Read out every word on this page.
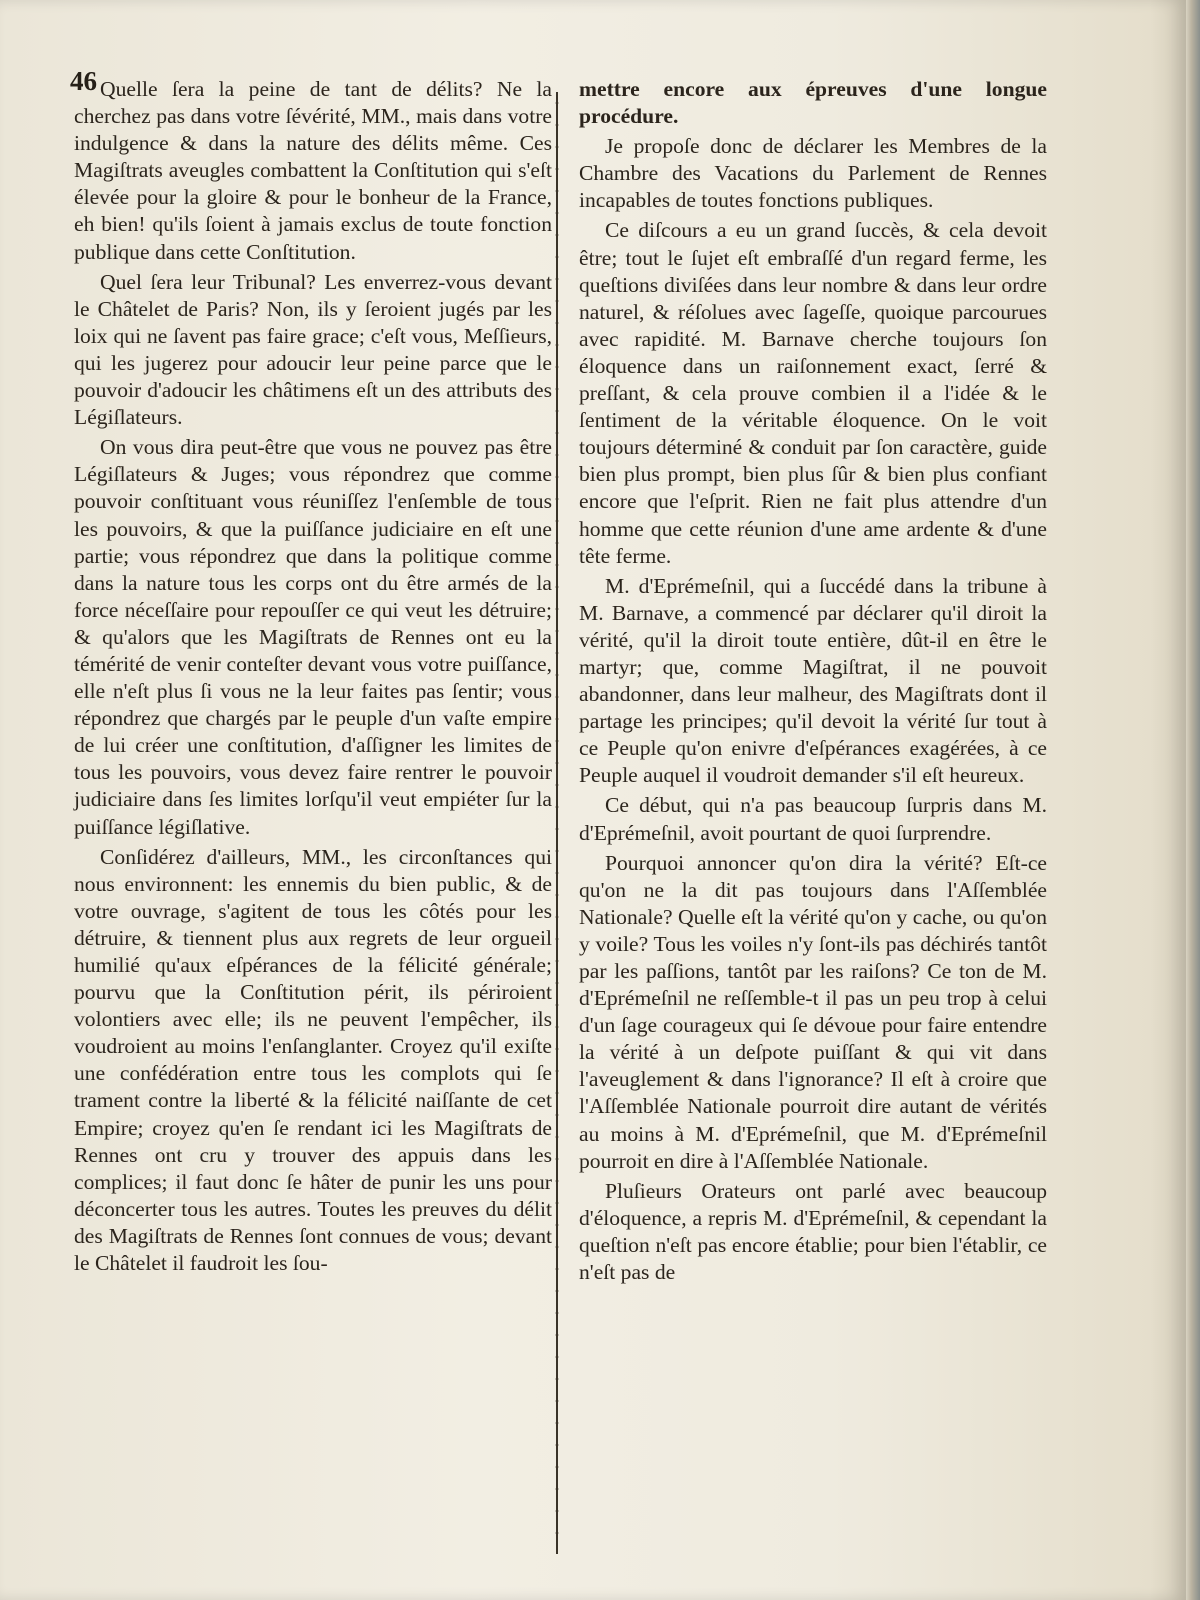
46 Quelle ſera la peine de tant de délits? Ne la cherchez pas dans votre ſévérité, MM., mais dans votre indulgence & dans la nature des délits même. Ces Magiſtrats aveugles combattent la Conſtitution qui s'eſt élevée pour la gloire & pour le bonheur de la France, eh bien! qu'ils ſoient à jamais exclus de toute fonction publique dans cette Conſtitution.

Quel ſera leur Tribunal? Les enverrez-vous devant le Châtelet de Paris? Non, ils y ſeroient jugés par les loix qui ne ſavent pas faire grace; c'eſt vous, Meſſieurs, qui les jugerez pour adoucir leur peine parce que le pouvoir d'adoucir les châtimens eſt un des attributs des Légiſlateurs.

On vous dira peut-être que vous ne pouvez pas être Légiſlateurs & Juges; vous répondrez que comme pouvoir conſtituant vous réuniſſez l'enſemble de tous les pouvoirs, & que la puiſſance judiciaire en eſt une partie; vous répondrez que dans la politique comme dans la nature tous les corps ont du être armés de la force néceſſaire pour repouſſer ce qui veut les détruire; & qu'alors que les Magiſtrats de Rennes ont eu la témérité de venir conteſter devant vous votre puiſſance, elle n'eſt plus ſi vous ne la leur faites pas ſentir; vous répondrez que chargés par le peuple d'un vaſte empire de lui créer une conſtitution, d'aſſigner les limites de tous les pouvoirs, vous devez faire rentrer le pouvoir judiciaire dans ſes limites lorſqu'il veut empiéter ſur la puiſſance légiſlative.

Conſidérez d'ailleurs, MM., les circonſtances qui nous environnent: les ennemis du bien public, & de votre ouvrage, s'agitent de tous les côtés pour les détruire, & tiennent plus aux regrets de leur orgueil humilié qu'aux eſpérances de la félicité générale; pourvu que la Conſtitution périt, ils périroient volontiers avec elle; ils ne peuvent l'empêcher, ils voudroient au moins l'enſanglanter. Croyez qu'il exiſte une confédération entre tous les complots qui ſe trament contre la liberté & la félicité naiſſante de cet Empire; croyez qu'en ſe rendant ici les Magiſtrats de Rennes ont cru y trouver des appuis dans les complices; il faut donc ſe hâter de punir les uns pour déconcerter tous les autres. Toutes les preuves du délit des Magiſtrats de Rennes ſont connues de vous; devant le Châtelet il faudroit les ſou-

mettre encore aux épreuves d'une longue procédure.

Je propoſe donc de déclarer les Membres de la Chambre des Vacations du Parlement de Rennes incapables de toutes fonctions publiques.

Ce diſcours a eu un grand ſuccès, & cela devoit être; tout le ſujet eſt embraſſé d'un regard ferme, les queſtions diviſées dans leur nombre & dans leur ordre naturel, & réſolues avec ſageſſe, quoique parcourues avec rapidité. M. Barnave cherche toujours ſon éloquence dans un raiſonnement exact, ſerré & preſſant, & cela prouve combien il a l'idée & le ſentiment de la véritable éloquence. On le voit toujours déterminé & conduit par ſon caractère, guide bien plus prompt, bien plus ſûr & bien plus confiant encore que l'eſprit. Rien ne fait plus attendre d'un homme que cette réunion d'une ame ardente & d'une tête ferme.

M. d'Eprémeſnil, qui a ſuccédé dans la tribune à M. Barnave, a commencé par déclarer qu'il diroit la vérité, qu'il la diroit toute entière, dût-il en être le martyr; que, comme Magiſtrat, il ne pouvoit abandonner, dans leur malheur, des Magiſtrats dont il partage les principes; qu'il devoit la vérité ſur tout à ce Peuple qu'on enivre d'eſpérances exagérées, à ce Peuple auquel il voudroit demander s'il eſt heureux.

Ce début, qui n'a pas beaucoup ſurpris dans M. d'Eprémeſnil, avoit pourtant de quoi ſurprendre.

Pourquoi annoncer qu'on dira la vérité? Eſt-ce qu'on ne la dit pas toujours dans l'Aſſemblée Nationale? Quelle eſt la vérité qu'on y cache, ou qu'on y voile? Tous les voiles n'y ſont-ils pas déchirés tantôt par les paſſions, tantôt par les raiſons? Ce ton de M. d'Eprémeſnil ne reſſemble-t il pas un peu trop à celui d'un ſage courageux qui ſe dévoue pour faire entendre la vérité à un deſpote puiſſant & qui vit dans l'aveuglement & dans l'ignorance? Il eſt à croire que l'Aſſemblée Nationale pourroit dire autant de vérités au moins à M. d'Eprémeſnil, que M. d'Eprémeſnil pourroit en dire à l'Aſſemblée Nationale.

Pluſieurs Orateurs ont parlé avec beaucoup d'éloquence, a repris M. d'Eprémeſnil, & cependant la queſtion n'eſt pas encore établie; pour bien l'établir, ce n'eſt pas de
